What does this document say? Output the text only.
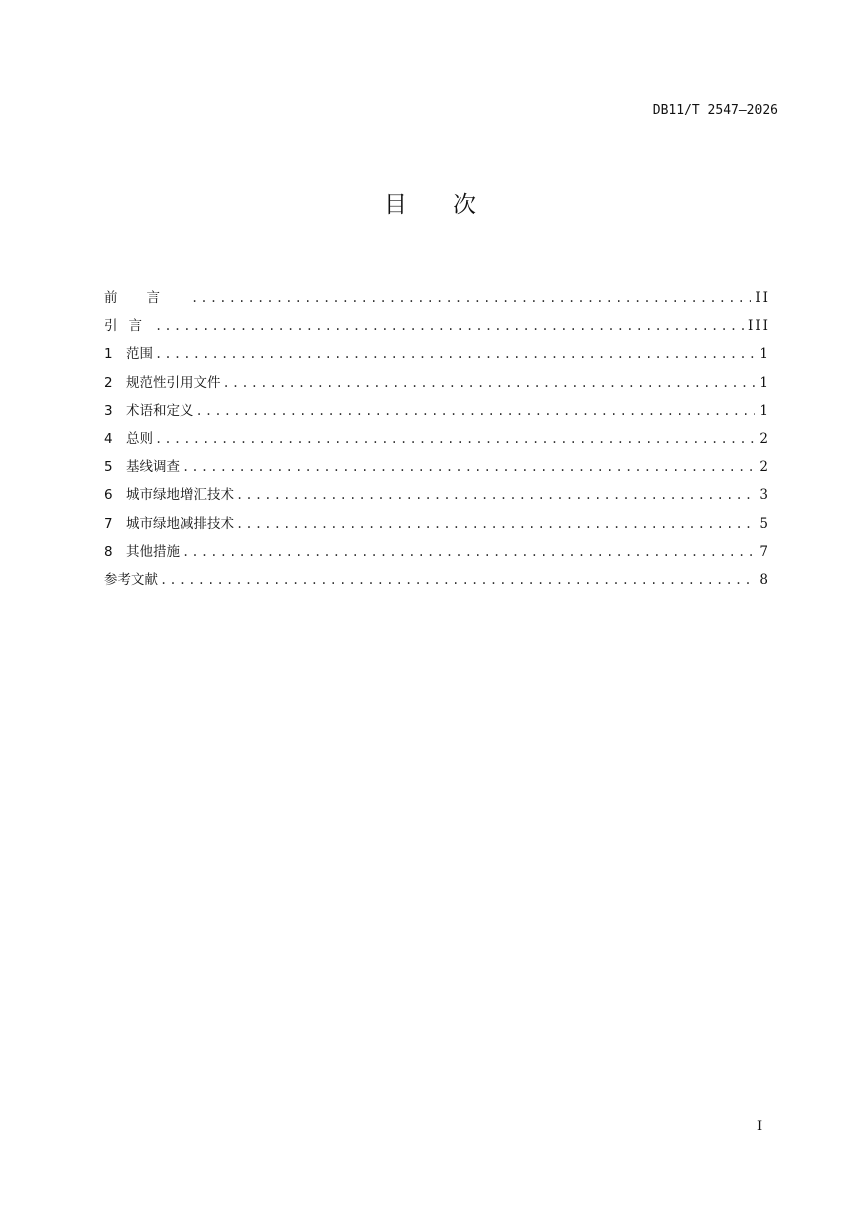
DB11/T 2547—2026
目 次
前言 .....	II
引言 .....	III
1 范围 .....	1
2 规范性引用文件 .....	1
3 术语和定义 .....	1
4 总则 .....	2
5 基线调查 .....	2
6 城市绿地增汇技术 .....	3
7 城市绿地减排技术 .....	5
8 其他措施 .....	7
参考文献 .....	8
I
